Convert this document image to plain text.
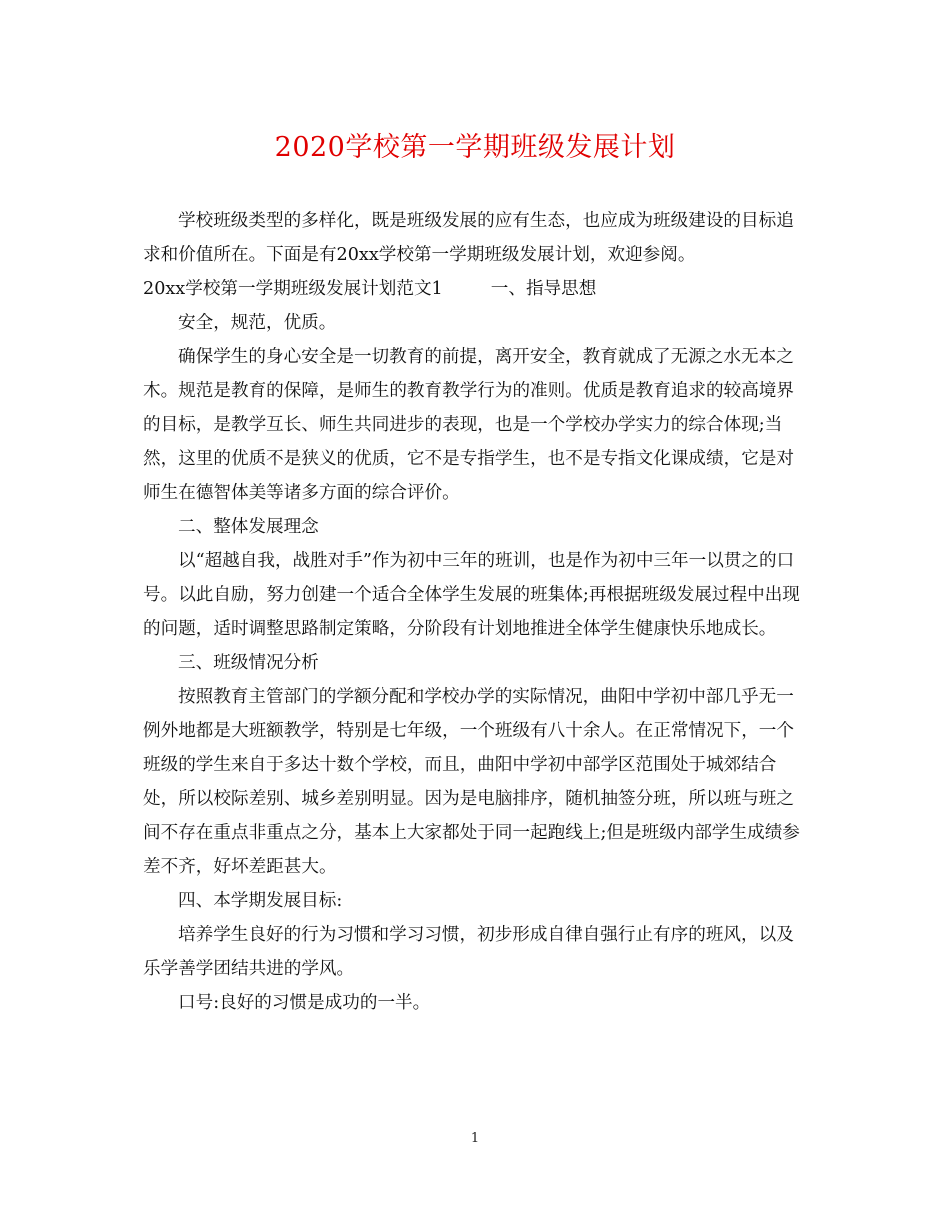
2020学校第一学期班级发展计划

学校班级类型的多样化，既是班级发展的应有生态，也应成为班级建设的目标追求和价值所在。下面是有20xx学校第一学期班级发展计划，欢迎参阅。

20xx学校第一学期班级发展计划范文1	一、指导思想

安全，规范，优质。

确保学生的身心安全是一切教育的前提，离开安全，教育就成了无源之水无本之木。规范是教育的保障，是师生的教育教学行为的准则。优质是教育追求的较高境界的目标，是教学互长、师生共同进步的表现，也是一个学校办学实力的综合体现;当然，这里的优质不是狭义的优质，它不是专指学生，也不是专指文化课成绩，它是对师生在德智体美等诸多方面的综合评价。

二、整体发展理念

以“超越自我，战胜对手”作为初中三年的班训，也是作为初中三年一以贯之的口号。以此自励，努力创建一个适合全体学生发展的班集体;再根据班级发展过程中出现的问题，适时调整思路制定策略，分阶段有计划地推进全体学生健康快乐地成长。

三、班级情况分析

按照教育主管部门的学额分配和学校办学的实际情况，曲阳中学初中部几乎无一例外地都是大班额教学，特别是七年级，一个班级有八十余人。在正常情况下，一个班级的学生来自于多达十数个学校，而且，曲阳中学初中部学区范围处于城郊结合处，所以校际差别、城乡差别明显。因为是电脑排序，随机抽签分班，所以班与班之间不存在重点非重点之分，基本上大家都处于同一起跑线上;但是班级内部学生成绩参差不齐，好坏差距甚大。

四、本学期发展目标:

培养学生良好的行为习惯和学习习惯，初步形成自律自强行止有序的班风，以及乐学善学团结共进的学风。

口号:良好的习惯是成功的一半。

1
